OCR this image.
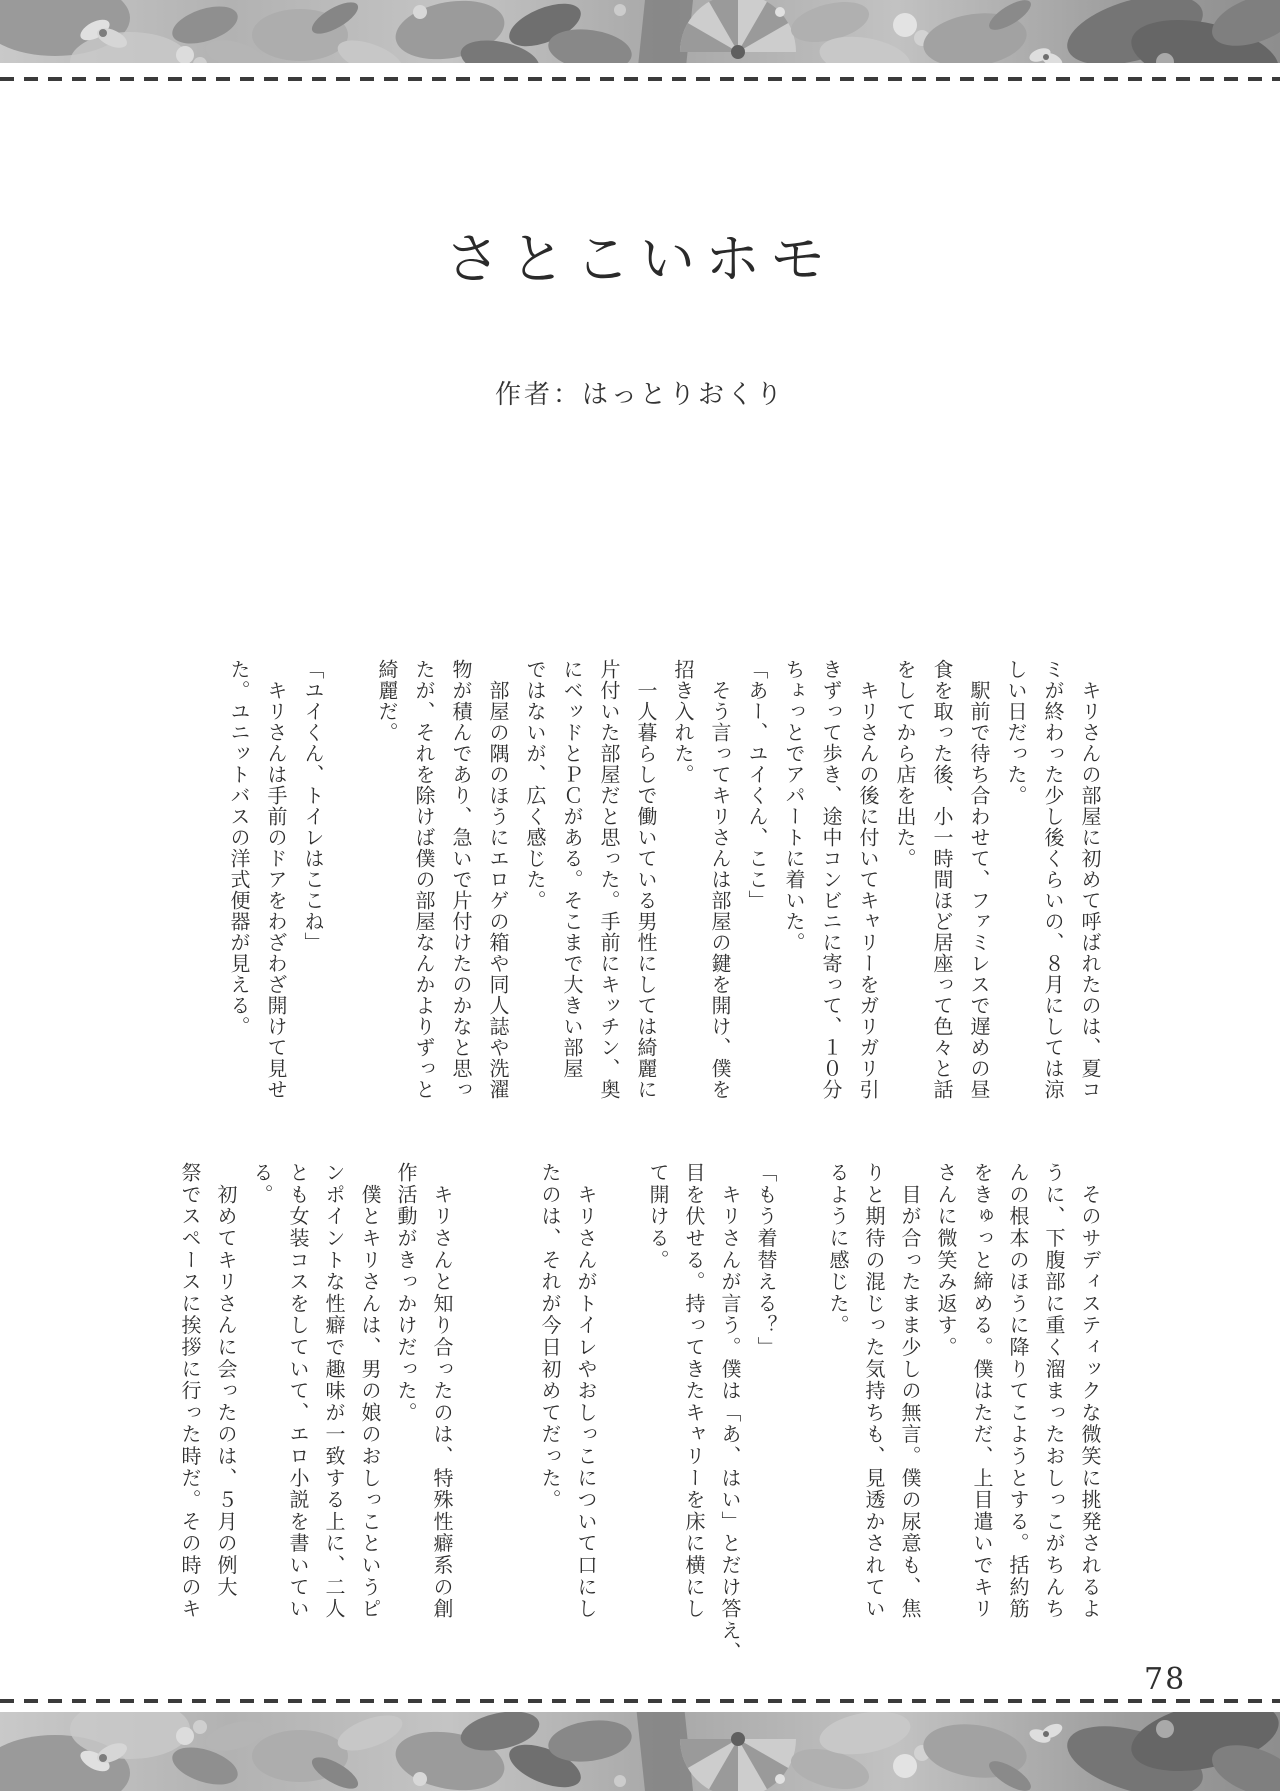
さとこいホモ

作者：はっとりおくり

　キリさんの部屋に初めて呼ばれたのは、夏コ
ミが終わった少し後くらいの、８月にしては涼
しい日だった。
　駅前で待ち合わせて、ファミレスで遅めの昼
食を取った後、小一時間ほど居座って色々と話
をしてから店を出た。
　キリさんの後に付いてキャリーをガリガリ引
きずって歩き、途中コンビニに寄って、１０分
ちょっとでアパートに着いた。
「あー、ユイくん、ここ」
　そう言ってキリさんは部屋の鍵を開け、僕を
招き入れた。
　一人暮らしで働いている男性にしては綺麗に
片付いた部屋だと思った。手前にキッチン、奥
にベッドとＰＣがある。そこまで大きい部屋
ではないが、広く感じた。
　部屋の隅のほうにエロゲの箱や同人誌や洗濯
物が積んであり、急いで片付けたのかなと思っ
たが、それを除けば僕の部屋なんかよりずっと
綺麗だ。

「ユイくん、トイレはここね」
　キリさんは手前のドアをわざわざ開けて見せ
た。ユニットバスの洋式便器が見える。
　そのサディスティックな微笑に挑発されるよ
うに、下腹部に重く溜まったおしっこがちんち
んの根本のほうに降りてこようとする。括約筋
をきゅっと締める。僕はただ、上目遣いでキリ
さんに微笑み返す。
　目が合ったまま少しの無言。僕の尿意も、焦
りと期待の混じった気持ちも、見透かされてい
るように感じた。

「もう着替える？」
　キリさんが言う。僕は「あ、はい」とだけ答え、
目を伏せる。持ってきたキャリーを床に横にし
て開ける。

　キリさんがトイレやおしっこについて口にし
たのは、それが今日初めてだった。

　キリさんと知り合ったのは、特殊性癖系の創
作活動がきっかけだった。
　僕とキリさんは、男の娘のおしっこというピ
ンポイントな性癖で趣味が一致する上に、二人
とも女装コスをしていて、エロ小説を書いてい
る。
　初めてキリさんに会ったのは、５月の例大
祭でスペースに挨拶に行った時だ。その時のキ
78
